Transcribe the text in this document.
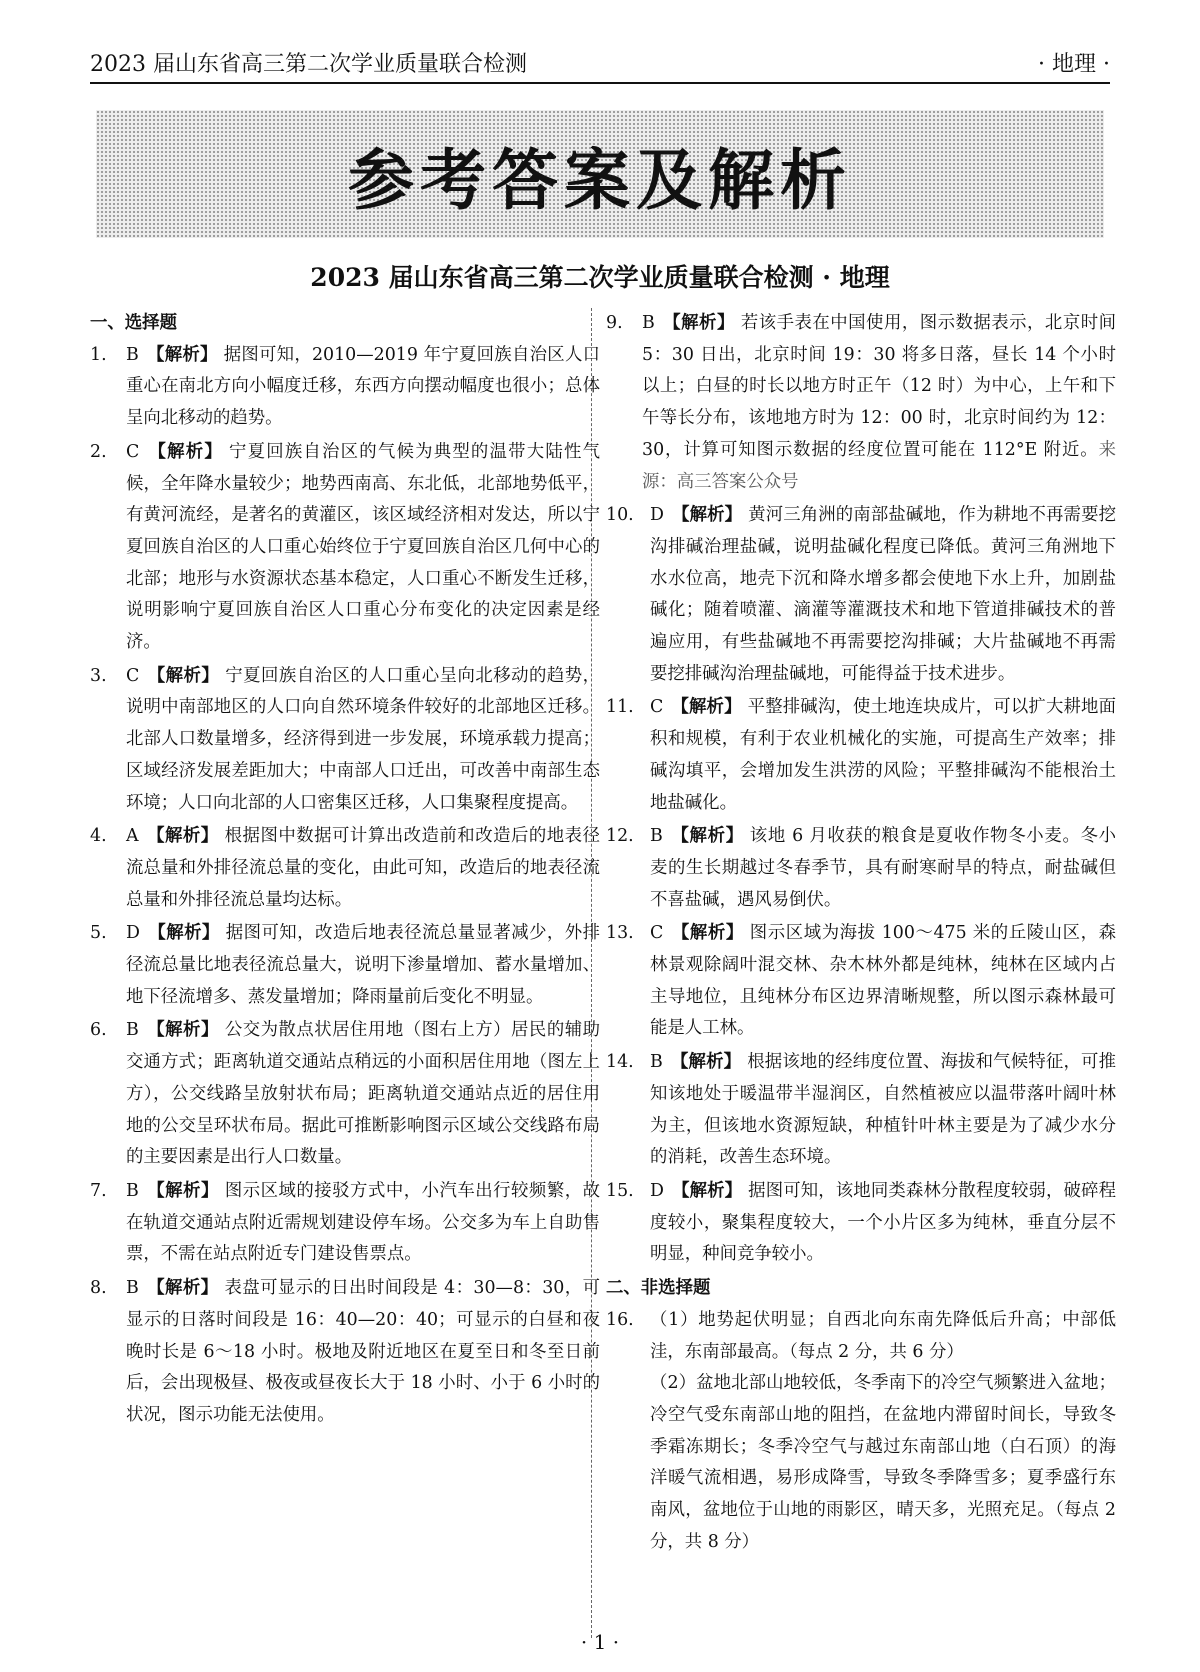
2023 届山东省高三第二次学业质量联合检测	· 地理 ·
参考答案及解析
2023 届山东省高三第二次学业质量联合检测 · 地理
一、选择题
1. B 【解析】 据图可知，2010—2019 年宁夏回族自治区人口重心在南北方向小幅度迁移，东西方向摆动幅度也很小；总体呈向北移动的趋势。
2. C 【解析】 宁夏回族自治区的气候为典型的温带大陆性气候，全年降水量较少；地势西南高、东北低，北部地势低平，有黄河流经，是著名的黄灌区，该区域经济相对发达，所以宁夏回族自治区的人口重心始终位于宁夏回族自治区几何中心的北部；地形与水资源状态基本稳定，人口重心不断发生迁移，说明影响宁夏回族自治区人口重心分布变化的决定因素是经济。
3. C 【解析】 宁夏回族自治区的人口重心呈向北移动的趋势，说明中南部地区的人口向自然环境条件较好的北部地区迁移。北部人口数量增多，经济得到进一步发展，环境承载力提高；区域经济发展差距加大；中南部人口迁出，可改善中南部生态环境；人口向北部的人口密集区迁移，人口集聚程度提高。
4. A 【解析】 根据图中数据可计算出改造前和改造后的地表径流总量和外排径流总量的变化，由此可知，改造后的地表径流总量和外排径流总量均达标。
5. D 【解析】 据图可知，改造后地表径流总量显著减少，外排径流总量比地表径流总量大，说明下渗量增加、蓄水量增加、地下径流增多、蒸发量增加；降雨量前后变化不明显。
6. B 【解析】 公交为散点状居住用地（图右上方）居民的辅助交通方式；距离轨道交通站点稍远的小面积居住用地（图左上方），公交线路呈放射状布局；距离轨道交通站点近的居住用地的公交呈环状布局。据此可推断影响图示区域公交线路布局的主要因素是出行人口数量。
7. B 【解析】 图示区域的接驳方式中，小汽车出行较频繁，故在轨道交通站点附近需规划建设停车场。公交多为车上自助售票，不需在站点附近专门建设售票点。
8. B 【解析】 表盘可显示的日出时间段是 4：30—8：30，可显示的日落时间段是 16：40—20：40；可显示的白昼和夜晚时长是 6～18 小时。极地及附近地区在夏至日和冬至日前后，会出现极昼、极夜或昼夜长大于 18 小时、小于 6 小时的状况，图示功能无法使用。
9. B 【解析】 若该手表在中国使用，图示数据表示，北京时间 5：30 日出，北京时间 19：30 将多日落，昼长 14 个小时以上；白昼的时长以地方时正午（12 时）为中心，上午和下午等长分布，该地地方时为 12：00 时，北京时间约为 12：30，计算可知图示数据的经度位置可能在 112°E 附近。来源：高三答案公众号
10. D 【解析】 黄河三角洲的南部盐碱地，作为耕地不再需要挖沟排碱治理盐碱，说明盐碱化程度已降低。黄河三角洲地下水水位高，地壳下沉和降水增多都会使地下水上升，加剧盐碱化；随着喷灌、滴灌等灌溉技术和地下管道排碱技术的普遍应用，有些盐碱地不再需要挖沟排碱；大片盐碱地不再需要挖排碱沟治理盐碱地，可能得益于技术进步。
11. C 【解析】 平整排碱沟，使土地连块成片，可以扩大耕地面积和规模，有利于农业机械化的实施，可提高生产效率；排碱沟填平，会增加发生洪涝的风险；平整排碱沟不能根治土地盐碱化。
12. B 【解析】 该地 6 月收获的粮食是夏收作物冬小麦。冬小麦的生长期越过冬春季节，具有耐寒耐旱的特点，耐盐碱但不喜盐碱，遇风易倒伏。
13. C 【解析】 图示区域为海拔 100～475 米的丘陵山区，森林景观除阔叶混交林、杂木林外都是纯林，纯林在区域内占主导地位，且纯林分布区边界清晰规整，所以图示森林最可能是人工林。
14. B 【解析】 根据该地的经纬度位置、海拔和气候特征，可推知该地处于暖温带半湿润区，自然植被应以温带落叶阔叶林为主，但该地水资源短缺，种植针叶林主要是为了减少水分的消耗，改善生态环境。
15. D 【解析】 据图可知，该地同类森林分散程度较弱，破碎程度较小，聚集程度较大，一个小片区多为纯林，垂直分层不明显，种间竞争较小。
二、非选择题
16. （1）地势起伏明显；自西北向东南先降低后升高；中部低洼，东南部最高。（每点 2 分，共 6 分）
（2）盆地北部山地较低，冬季南下的冷空气频繁进入盆地；冷空气受东南部山地的阻挡，在盆地内滞留时间长，导致冬季霜冻期长；冬季冷空气与越过东南部山地（白石顶）的海洋暖气流相遇，易形成降雪，导致冬季降雪多；夏季盛行东南风，盆地位于山地的雨影区，晴天多，光照充足。（每点 2 分，共 8 分）
· 1 ·
